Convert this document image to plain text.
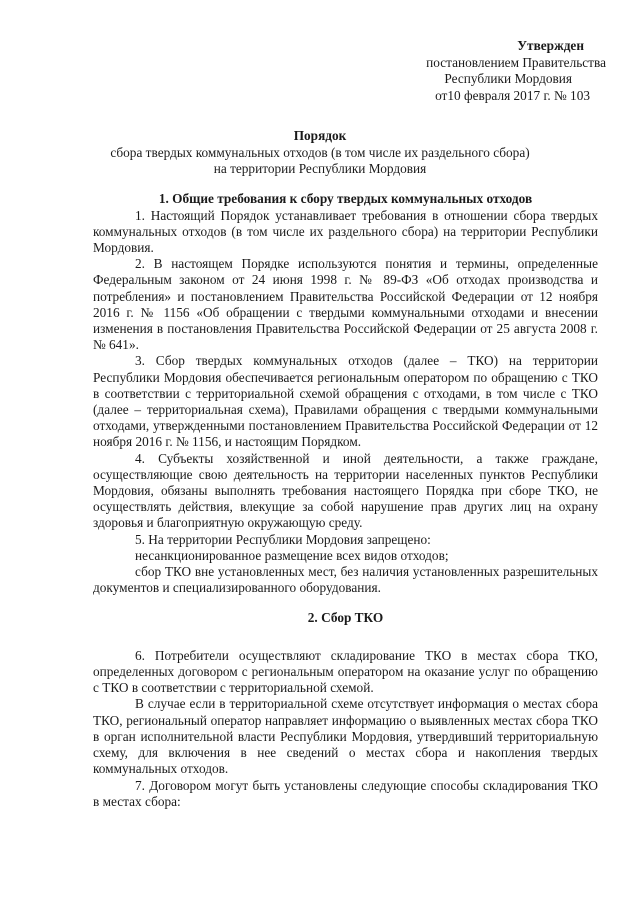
Утвержден
постановлением Правительства
Республики Мордовия
от10 февраля 2017 г. № 103
Порядок
сбора твердых коммунальных отходов (в том числе их раздельного сбора)
на территории Республики Мордовия
1. Общие требования к сбору твердых коммунальных отходов

1. Настоящий Порядок устанавливает требования в отношении сбора твердых коммунальных отходов (в том числе их раздельного сбора) на территории Республики Мордовия.

2. В настоящем Порядке используются понятия и термины, определенные Федеральным законом от 24 июня 1998 г. № 89-ФЗ «Об отходах производства и потребления» и постановлением Правительства Российской Федерации от 12 ноября 2016 г. № 1156 «Об обращении с твердыми коммунальными отходами и внесении изменения в постановления Правительства Российской Федерации от 25 августа 2008 г. № 641».

3. Сбор твердых коммунальных отходов (далее – ТКО) на территории Республики Мордовия обеспечивается региональным оператором по обращению с ТКО в соответствии с территориальной схемой обращения с отходами, в том числе с ТКО (далее – территориальная схема), Правилами обращения с твердыми коммунальными отходами, утвержденными постановлением Правительства Российской Федерации от 12 ноября 2016 г. № 1156, и настоящим Порядком.

4. Субъекты хозяйственной и иной деятельности, а также граждане, осуществляющие свою деятельность на территории населенных пунктов Республики Мордовия, обязаны выполнять требования настоящего Порядка при сборе ТКО, не осуществлять действия, влекущие за собой нарушение прав других лиц на охрану здоровья и благоприятную окружающую среду.

5. На территории Республики Мордовия запрещено:

несанкционированное размещение всех видов отходов;

сбор ТКО вне установленных мест, без наличия установленных разрешительных документов и специализированного оборудования.

2. Сбор ТКО

6. Потребители осуществляют складирование ТКО в местах сбора ТКО, определенных договором с региональным оператором на оказание услуг по обращению с ТКО в соответствии с территориальной схемой.

В случае если в территориальной схеме отсутствует информация о местах сбора ТКО, региональный оператор направляет информацию о выявленных местах сбора ТКО в орган исполнительной власти Республики Мордовия, утвердивший территориальную схему, для включения в нее сведений о местах сбора и накопления твердых коммунальных отходов.

7. Договором могут быть установлены следующие способы складирования ТКО в местах сбора:
